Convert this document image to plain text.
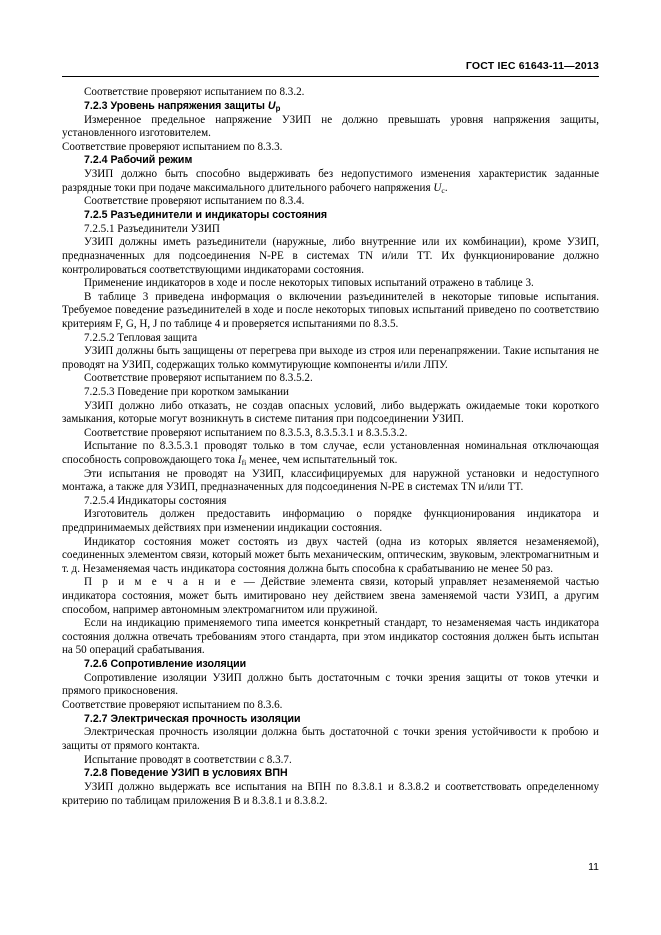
ГОСТ IEC 61643-11—2013

Соответствие проверяют испытанием по 8.3.2.

7.2.3 Уровень напряжения защиты $U_p$

Измеренное предельное напряжение УЗИП не должно превышать уровня напряжения защиты, установленного изготовителем.

Соответствие проверяют испытанием по 8.3.3.

7.2.4 Рабочий режим

УЗИП должно быть способно выдерживать без недопустимого изменения характеристик заданные разрядные токи при подаче максимального длительного рабочего напряжения $U_c$.

Соответствие проверяют испытанием по 8.3.4.

7.2.5 Разъединители и индикаторы состояния

7.2.5.1 Разъединители УЗИП

УЗИП должны иметь разъединители (наружные, либо внутренние или их комбинации), кроме УЗИП, предназначенных для подсоединения N-PE в системах TN и/или TT. Их функционирование должно контролироваться соответствующими индикаторами состояния.

Применение индикаторов в ходе и после некоторых типовых испытаний отражено в таблице 3.

В таблице 3 приведена информация о включении разъединителей в некоторые типовые испытания. Требуемое поведение разъединителей в ходе и после некоторых типовых испытаний приведено по соответствию критериям F, G, H, J по таблице 4 и проверяется испытаниями по 8.3.5.

7.2.5.2 Тепловая защита

УЗИП должны быть защищены от перегрева при выходе из строя или перенапряжении. Такие испытания не проводят на УЗИП, содержащих только коммутирующие компоненты и/или ЛПУ.

Соответствие проверяют испытанием по 8.3.5.2.

7.2.5.3 Поведение при коротком замыкании

УЗИП должно либо отказать, не создав опасных условий, либо выдержать ожидаемые токи короткого замыкания, которые могут возникнуть в системе питания при подсоединении УЗИП.

Соответствие проверяют испытанием по 8.3.5.3, 8.3.5.3.1 и 8.3.5.3.2.

Испытание по 8.3.5.3.1 проводят только в том случае, если установленная номинальная отключающая способность сопровождающего тока $I_{fi}$ менее, чем испытательный ток.

Эти испытания не проводят на УЗИП, классифицируемых для наружной установки и недоступного монтажа, а также для УЗИП, предназначенных для подсоединения N-PE в системах TN и/или TT.

7.2.5.4 Индикаторы состояния

Изготовитель должен предоставить информацию о порядке функционирования индикатора и предпринимаемых действиях при изменении индикации состояния.

Индикатор состояния может состоять из двух частей (одна из которых является незаменяемой), соединенных элементом связи, который может быть механическим, оптическим, звуковым, электромагнитным и т. д. Незаменяемая часть индикатора состояния должна быть способна к срабатыванию не менее 50 раз.

П р и м е ч а н и е — Действие элемента связи, который управляет незаменяемой частью индикатора состояния, может быть имитировано неу действием звена заменяемой части УЗИП, а другим способом, например автономным электромагнитом или пружиной.

Если на индикацию применяемого типа имеется конкретный стандарт, то незаменяемая часть индикатора состояния должна отвечать требованиям этого стандарта, при этом индикатор состояния должен быть испытан на 50 операций срабатывания.

7.2.6 Сопротивление изоляции

Сопротивление изоляции УЗИП должно быть достаточным с точки зрения защиты от токов утечки и прямого прикосновения.

Соответствие проверяют испытанием по 8.3.6.

7.2.7 Электрическая прочность изоляции

Электрическая прочность изоляции должна быть достаточной с точки зрения устойчивости к пробою и защиты от прямого контакта.

Испытание проводят в соответствии с 8.3.7.

7.2.8 Поведение УЗИП в условиях ВПН

УЗИП должно выдержать все испытания на ВПН по 8.3.8.1 и 8.3.8.2 и соответствовать определенному критерию по таблицам приложения B и 8.3.8.1 и 8.3.8.2.

11
